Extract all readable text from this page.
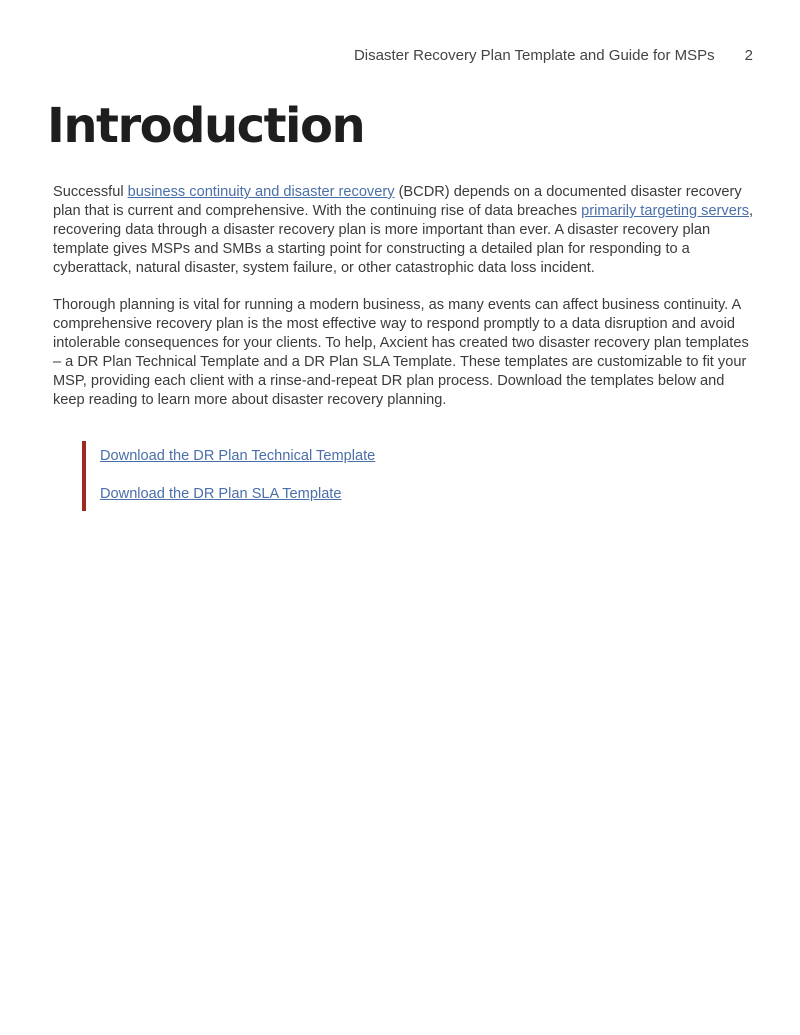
Disaster Recovery Plan Template and Guide for MSPs 2
Introduction

Successful business continuity and disaster recovery (BCDR) depends on a documented disaster recovery plan that is current and comprehensive. With the continuing rise of data breaches primarily targeting servers, recovering data through a disaster recovery plan is more important than ever. A disaster recovery plan template gives MSPs and SMBs a starting point for constructing a detailed plan for responding to a cyberattack, natural disaster, system failure, or other catastrophic data loss incident.

Thorough planning is vital for running a modern business, as many events can affect business continuity. A comprehensive recovery plan is the most effective way to respond promptly to a data disruption and avoid intolerable consequences for your clients. To help, Axcient has created two disaster recovery plan templates – a DR Plan Technical Template and a DR Plan SLA Template. These templates are customizable to fit your MSP, providing each client with a rinse-and-repeat DR plan process. Download the templates below and keep reading to learn more about disaster recovery planning.

Download the DR Plan Technical Template
Download the DR Plan SLA Template
